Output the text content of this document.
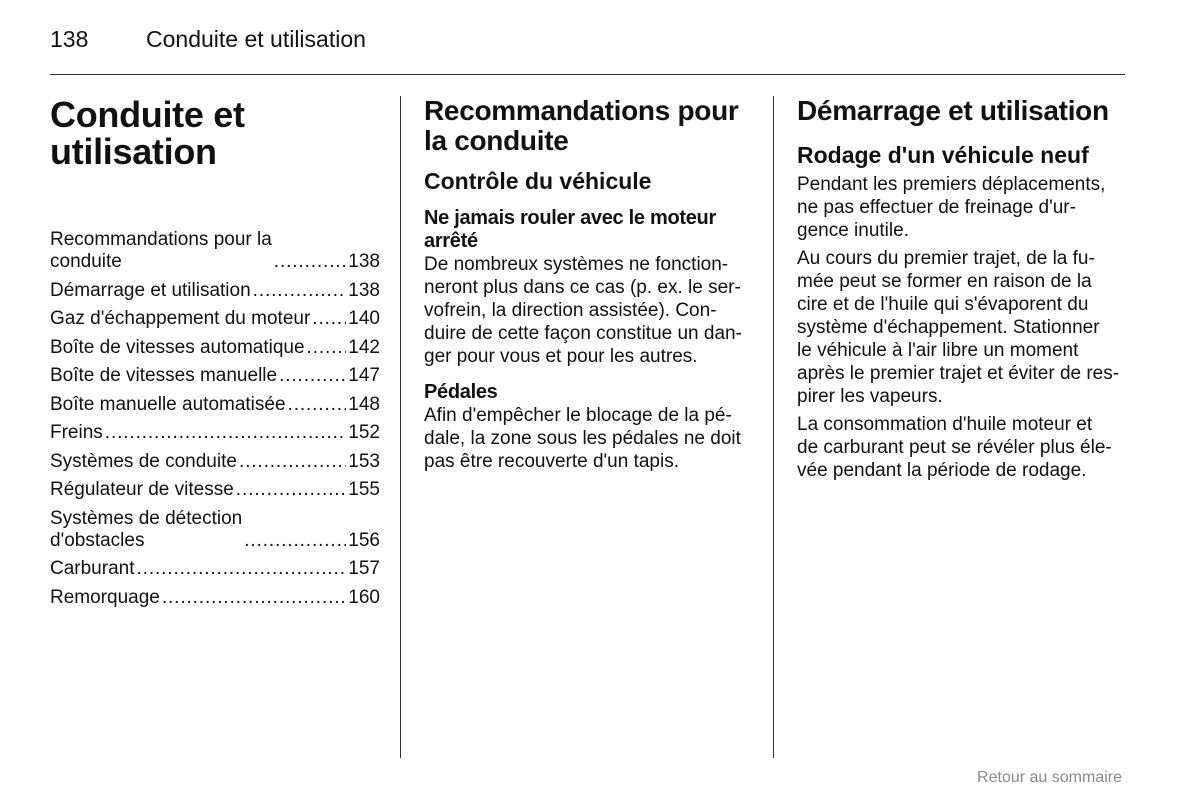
138	Conduite et utilisation
Conduite et
utilisation
Recommandations pour la
conduite . . .	138
Démarrage et utilisation . . .	138
Gaz d'échappement du moteur . . . 140
Boîte de vitesses automatique . . . 142
Boîte de vitesses manuelle . . .	147
Boîte manuelle automatisée . . .	148
Freins . . .	152
Systèmes de conduite . . .	153
Régulateur de vitesse . . .	155
Systèmes de détection
d'obstacles . . .	156
Carburant . . .	157
Remorquage . . .	160
Recommandations pour
la conduite
Contrôle du véhicule
Ne jamais rouler avec le moteur
arrêté

De nombreux systèmes ne fonction-
neront plus dans ce cas (p. ex. le ser-
vofrein, la direction assistée). Con-
duire de cette façon constitue un dan-
ger pour vous et pour les autres.

Pédales

Afin d'empêcher le blocage de la pé-
dale, la zone sous les pédales ne doit
pas être recouverte d'un tapis.

Démarrage et utilisation
Rodage d'un véhicule neuf

Pendant les premiers déplacements,
ne pas effectuer de freinage d'ur-
gence inutile.

Au cours du premier trajet, de la fu-
mée peut se former en raison de la
cire et de l'huile qui s'évaporent du
système d'échappement. Stationner
le véhicule à l'air libre un moment
après le premier trajet et éviter de res-
pirer les vapeurs.

La consommation d'huile moteur et
de carburant peut se révéler plus éle-
vée pendant la période de rodage.

Retour au sommaire
